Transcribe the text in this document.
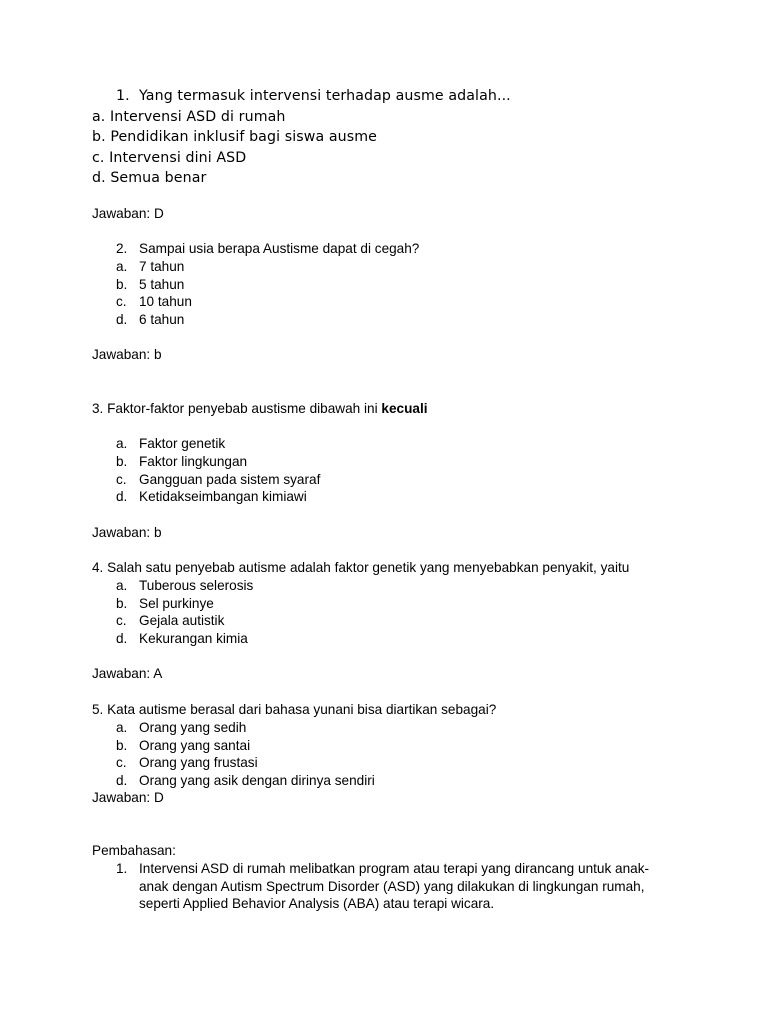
1. Yang termasuk intervensi terhadap ausme adalah...
a. Intervensi ASD di rumah
b. Pendidikan inklusif bagi siswa ausme
c. Intervensi dini ASD
d. Semua benar
Jawaban: D
2. Sampai usia berapa Austisme dapat di cegah?
a. 7 tahun
b. 5 tahun
c. 10 tahun
d. 6 tahun
Jawaban: b
3. Faktor-faktor penyebab austisme dibawah ini kecuali
a. Faktor genetik
b. Faktor lingkungan
c. Gangguan pada sistem syaraf
d. Ketidakseimbangan kimiawi
Jawaban: b
4. Salah satu penyebab autisme adalah faktor genetik yang menyebabkan penyakit, yaitu
a. Tuberous selerosis
b. Sel purkinye
c. Gejala autistik
d. Kekurangan kimia
Jawaban: A
5. Kata autisme berasal dari bahasa yunani bisa diartikan sebagai?
a. Orang yang sedih
b. Orang yang santai
c. Orang yang frustasi
d. Orang yang asik dengan dirinya sendiri
Jawaban: D
Pembahasan:
1. Intervensi ASD di rumah melibatkan program atau terapi yang dirancang untuk anak-anak dengan Autism Spectrum Disorder (ASD) yang dilakukan di lingkungan rumah, seperti Applied Behavior Analysis (ABA) atau terapi wicara.
